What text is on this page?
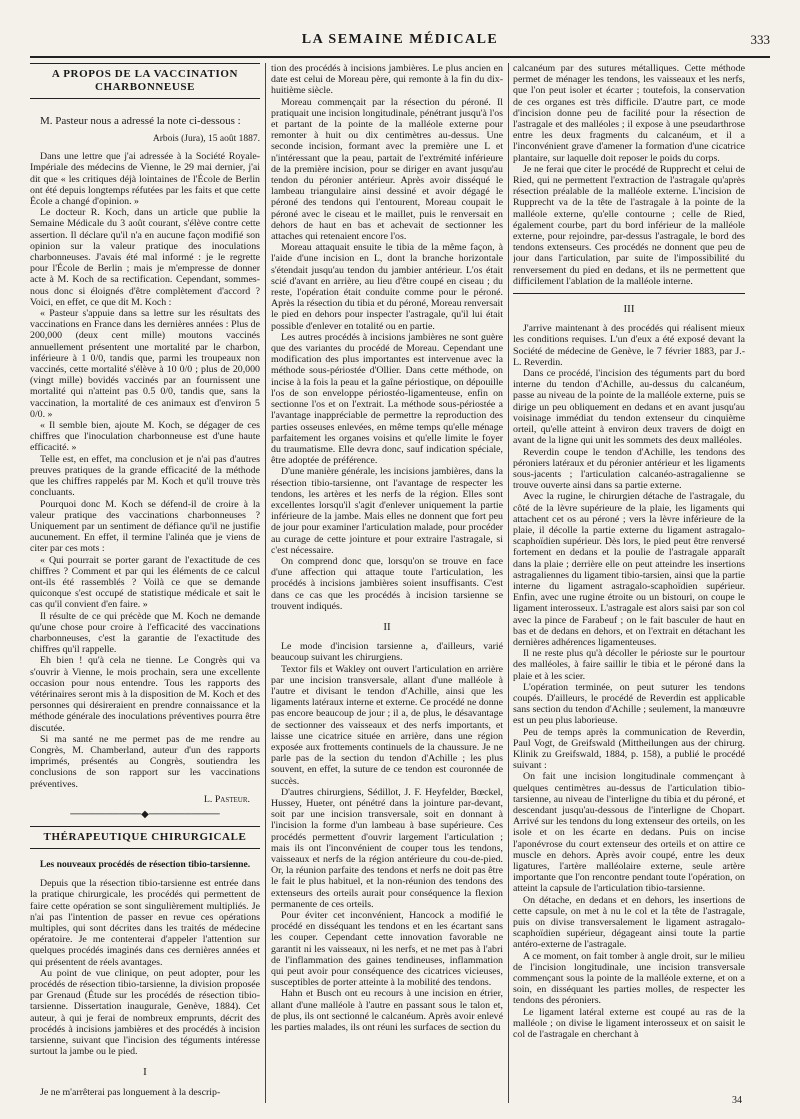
LA SEMAINE MÉDICALE	333
A PROPOS DE LA VACCINATION CHARBONNEUSE

M. Pasteur nous a adressé la note ci-dessous :

Arbois (Jura), 15 août 1887.

Dans une lettre que j'ai adressée à la Société Royale-Impériale des médecins de Vienne, le 29 mai dernier, j'ai dit que « les critiques déjà lointaines de l'École de Berlin ont été depuis longtemps réfutées par les faits et que cette École a changé d'opinion. »

Le docteur R. Koch, dans un article que publie la Semaine Médicale du 3 août courant, s'élève contre cette assertion. Il déclare qu'il n'a en aucune façon modifié son opinion sur la valeur pratique des inoculations charbonneuses. J'avais été mal informé : je le regrette pour l'École de Berlin ; mais je m'empresse de donner acte à M. Koch de sa rectification. Cependant, sommes-nous donc si éloignés d'être complètement d'accord ? Voici, en effet, ce que dit M. Koch :

« Pasteur s'appuie dans sa lettre sur les résultats des vaccinations en France dans les dernières années : Plus de 200,000 (deux cent mille) moutons vaccinés annuellement présentent une mortalité par le charbon, inférieure à 1 0/0, tandis que, parmi les troupeaux non vaccinés, cette mortalité s'élève à 10 0/0 ; plus de 20,000 (vingt mille) bovidés vaccinés par an fournissent une mortalité qui n'atteint pas 0.5 0/0, tandis que, sans la vaccination, la mortalité de ces animaux est d'environ 5 0/0. »

« Il semble bien, ajoute M. Koch, se dégager de ces chiffres que l'inoculation charbonneuse est d'une haute efficacité. »

Telle est, en effet, ma conclusion et je n'ai pas d'autres preuves pratiques de la grande efficacité de la méthode que les chiffres rappelés par M. Koch et qu'il trouve très concluants.

Pourquoi donc M. Koch se défend-il de croire à la valeur pratique des vaccinations charbonneuses ? Uniquement par un sentiment de défiance qu'il ne justifie aucunement. En effet, il termine l'alinéa que je viens de citer par ces mots :

« Qui pourrait se porter garant de l'exactitude de ces chiffres ? Comment et par qui les éléments de ce calcul ont-ils été rassemblés ? Voilà ce que se demande quiconque s'est occupé de statistique médicale et sait le cas qu'il convient d'en faire. »

Il résulte de ce qui précède que M. Koch ne demande qu'une chose pour croire à l'efficacité des vaccinations charbonneuses, c'est la garantie de l'exactitude des chiffres qu'il rappelle.

Eh bien ! qu'à cela ne tienne. Le Congrès qui va s'ouvrir à Vienne, le mois prochain, sera une excellente occasion pour nous entendre. Tous les rapports des vétérinaires seront mis à la disposition de M. Koch et des personnes qui désireraient en prendre connaissance et la méthode générale des inoculations préventives pourra être discutée.

Si ma santé ne me permet pas de me rendre au Congrès, M. Chamberland, auteur d'un des rapports imprimés, présentés au Congrès, soutiendra les conclusions de son rapport sur les vaccinations préventives.

L. Pasteur.
──────────◆──────────
THÉRAPEUTIQUE CHIRURGICALE
Les nouveaux procédés de résection tibio-tarsienne.

Depuis que la résection tibio-tarsienne est entrée dans la pratique chirurgicale, les procédés qui permettent de faire cette opération se sont singulièrement multipliés. Je n'ai pas l'intention de passer en revue ces opérations multiples, qui sont décrites dans les traités de médecine opératoire. Je me contenterai d'appeler l'attention sur quelques procédés imaginés dans ces dernières années et qui présentent de réels avantages.

Au point de vue clinique, on peut adopter, pour les procédés de résection tibio-tarsienne, la division proposée par Grenaud (Étude sur les procédés de résection tibio-tarsienne. Dissertation inaugurale, Genève, 1884). Cet auteur, à qui je ferai de nombreux emprunts, décrit des procédés à incisions jambières et des procédés à incision tarsienne, suivant que l'incision des téguments intéresse surtout la jambe ou le pied.

I

Je ne m'arrêterai pas longuement à la descrip-

tion des procédés à incisions jambières. Le plus ancien en date est celui de Moreau père, qui remonte à la fin du dix-huitième siècle.

Moreau commençait par la résection du péroné. Il pratiquait une incision longitudinale, pénétrant jusqu'à l'os et partant de la pointe de la malléole externe pour remonter à huit ou dix centimètres au-dessus. Une seconde incision, formant avec la première une L et n'intéressant que la peau, partait de l'extrémité inférieure de la première incision, pour se diriger en avant jusqu'au tendon du péronier antérieur. Après avoir disséqué le lambeau triangulaire ainsi dessiné et avoir dégagé le péroné des tendons qui l'entourent, Moreau coupait le péroné avec le ciseau et le maillet, puis le renversait en dehors de haut en bas et achevait de sectionner les attaches qui retenaient encore l'os.

Moreau attaquait ensuite le tibia de la même façon, à l'aide d'une incision en L, dont la branche horizontale s'étendait jusqu'au tendon du jambier antérieur. L'os était scié d'avant en arrière, au lieu d'être coupé en ciseau ; du reste, l'opération était conduite comme pour le péroné. Après la résection du tibia et du péroné, Moreau renversait le pied en dehors pour inspecter l'astragale, qu'il lui était possible d'enlever en totalité ou en partie.

Les autres procédés à incisions jambières ne sont guère que des variantes du procédé de Moreau. Cependant une modification des plus importantes est intervenue avec la méthode sous-périostée d'Ollier. Dans cette méthode, on incise à la fois la peau et la gaîne périostique, on dépouille l'os de son enveloppe périostéo-ligamenteuse, enfin on sectionne l'os et on l'extrait. La méthode sous-périostée a l'avantage inappréciable de permettre la reproduction des parties osseuses enlevées, en même temps qu'elle ménage parfaitement les organes voisins et qu'elle limite le foyer du traumatisme. Elle devra donc, sauf indication spéciale, être adoptée de préférence.

D'une manière générale, les incisions jambières, dans la résection tibio-tarsienne, ont l'avantage de respecter les tendons, les artères et les nerfs de la région. Elles sont excellentes lorsqu'il s'agit d'enlever uniquement la partie inférieure de la jambe. Mais elles ne donnent que fort peu de jour pour examiner l'articulation malade, pour procéder au curage de cette jointure et pour extraire l'astragale, si c'est nécessaire.

On comprend donc que, lorsqu'on se trouve en face d'une affection qui attaque toute l'articulation, les procédés à incisions jambières soient insuffisants. C'est dans ce cas que les procédés à incision tarsienne se trouvent indiqués.

II

Le mode d'incision tarsienne a, d'ailleurs, varié beaucoup suivant les chirurgiens.

Textor fils et Wakley ont ouvert l'articulation en arrière par une incision transversale, allant d'une malléole à l'autre et divisant le tendon d'Achille, ainsi que les ligaments latéraux interne et externe. Ce procédé ne donne pas encore beaucoup de jour ; il a, de plus, le désavantage de sectionner des vaisseaux et des nerfs importants, et laisse une cicatrice située en arrière, dans une région exposée aux frottements continuels de la chaussure. Je ne parle pas de la section du tendon d'Achille ; les plus souvent, en effet, la suture de ce tendon est couronnée de succès.

D'autres chirurgiens, Sédillot, J. F. Heyfelder, Bœckel, Hussey, Hueter, ont pénétré dans la jointure par-devant, soit par une incision transversale, soit en donnant à l'incision la forme d'un lambeau à base supérieure. Ces procédés permettent d'ouvrir largement l'articulation ; mais ils ont l'inconvénient de couper tous les tendons, vaisseaux et nerfs de la région antérieure du cou-de-pied. Or, la réunion parfaite des tendons et nerfs ne doit pas être le fait le plus habituel, et la non-réunion des tendons des extenseurs des orteils aurait pour conséquence la flexion permanente de ces orteils.

Pour éviter cet inconvénient, Hancock a modifié le procédé en disséquant les tendons et en les écartant sans les couper. Cependant cette innovation favorable ne garantit ni les vaisseaux, ni les nerfs, et ne met pas à l'abri de l'inflammation des gaines tendineuses, inflammation qui peut avoir pour conséquence des cicatrices vicieuses, susceptibles de porter atteinte à la mobilité des tendons.

Hahn et Busch ont eu recours à une incision en étrier, allant d'une malléole à l'autre en passant sous le talon et, de plus, ils ont sectionné le calcanéum. Après avoir enlevé les parties malades, ils ont réuni les surfaces de section du

calcanéum par des sutures métalliques. Cette méthode permet de ménager les tendons, les vaisseaux et les nerfs, que l'on peut isoler et écarter ; toutefois, la conservation de ces organes est très difficile. D'autre part, ce mode d'incision donne peu de facilité pour la résection de l'astragale et des malléoles ; il expose à une pseudarthrose entre les deux fragments du calcanéum, et il a l'inconvénient grave d'amener la formation d'une cicatrice plantaire, sur laquelle doit reposer le poids du corps.

Je ne ferai que citer le procédé de Rupprecht et celui de Ried, qui ne permettent l'extraction de l'astragale qu'après résection préalable de la malléole externe. L'incision de Rupprecht va de la tête de l'astragale à la pointe de la malléole externe, qu'elle contourne ; celle de Ried, également courbe, part du bord inférieur de la malléole externe, pour rejoindre, par-dessus l'astragale, le bord des tendons extenseurs. Ces procédés ne donnent que peu de jour dans l'articulation, par suite de l'impossibilité du renversement du pied en dedans, et ils ne permettent que difficilement l'ablation de la malléole interne.

III

J'arrive maintenant à des procédés qui réalisent mieux les conditions requises. L'un d'eux a été exposé devant la Société de médecine de Genève, le 7 février 1883, par J.-L. Reverdin.

Dans ce procédé, l'incision des téguments part du bord interne du tendon d'Achille, au-dessus du calcanéum, passe au niveau de la pointe de la malléole externe, puis se dirige un peu obliquement en dedans et en avant jusqu'au voisinage immédiat du tendon extenseur du cinquième orteil, qu'elle atteint à environ deux travers de doigt en avant de la ligne qui unit les sommets des deux malléoles.

Reverdin coupe le tendon d'Achille, les tendons des péroniers latéraux et du péronier antérieur et les ligaments sous-jacents ; l'articulation calcanéo-astragalienne se trouve ouverte ainsi dans sa partie externe.

Avec la rugine, le chirurgien détache de l'astragale, du côté de la lèvre supérieure de la plaie, les ligaments qui attachent cet os au péroné ; vers la lèvre inférieure de la plaie, il décolle la partie externe du ligament astragalo-scaphoïdien supérieur. Dès lors, le pied peut être renversé fortement en dedans et la poulie de l'astragale apparaît dans la plaie ; derrière elle on peut atteindre les insertions astragaliennes du ligament tibio-tarsien, ainsi que la partie interne du ligament astragalo-scaphoïdien supérieur. Enfin, avec une rugine étroite ou un bistouri, on coupe le ligament interosseux. L'astragale est alors saisi par son col avec la pince de Farabeuf ; on le fait basculer de haut en bas et de dedans en dehors, et on l'extrait en détachant les dernières adhérences ligamenteuses.

Il ne reste plus qu'à décoller le périoste sur le pourtour des malléoles, à faire saillir le tibia et le péroné dans la plaie et à les scier.

L'opération terminée, on peut suturer les tendons coupés. D'ailleurs, le procédé de Reverdin est applicable sans section du tendon d'Achille ; seulement, la manœuvre est un peu plus laborieuse.

Peu de temps après la communication de Reverdin, Paul Vogt, de Greifswald (Mittheilungen aus der chirurg. Klinik zu Greifswald, 1884, p. 158), a publié le procédé suivant :

On fait une incision longitudinale commençant à quelques centimètres au-dessus de l'articulation tibio-tarsienne, au niveau de l'interligne du tibia et du péroné, et descendant jusqu'au-dessous de l'interligne de Chopart. Arrivé sur les tendons du long extenseur des orteils, on les isole et on les écarte en dedans. Puis on incise l'aponévrose du court extenseur des orteils et on attire ce muscle en dehors. Après avoir coupé, entre les deux ligatures, l'artère malléolaire externe, seule artère importante que l'on rencontre pendant toute l'opération, on atteint la capsule de l'articulation tibio-tarsienne.

On détache, en dedans et en dehors, les insertions de cette capsule, on met à nu le col et la tête de l'astragale, puis on divise transversalement le ligament astragalo-scaphoïdien supérieur, dégageant ainsi toute la partie antéro-externe de l'astragale.

A ce moment, on fait tomber à angle droit, sur le milieu de l'incision longitudinale, une incision transversale commençant sous la pointe de la malléole externe, et on a soin, en disséquant les parties molles, de respecter les tendons des péroniers.

Le ligament latéral externe est coupé au ras de la malléole ; on divise le ligament interosseux et on saisit le col de l'astragale en cherchant à

34
